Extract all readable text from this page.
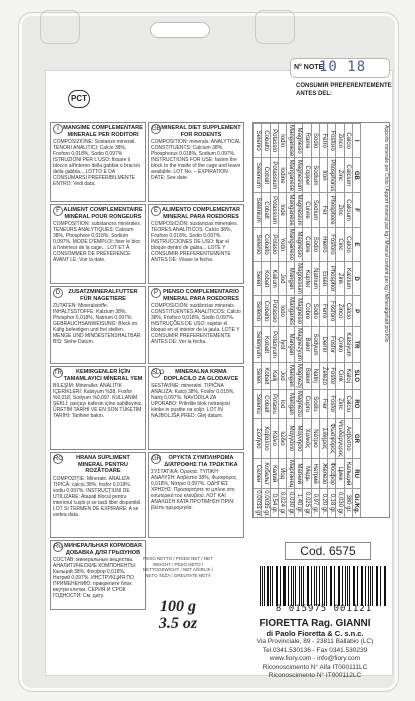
N° NOTE
10 18
CONSUMIR PREFERENTEMENTE ANTES DEL:
PCT
I MANGIME COMPLEMENTARE MINERALE PER RODITORI
COMPOSIZIONE: Sostanze minerali. TENORI ANALITICI: Calcio 38%, Fosforo 0,018%, Sodio 0,097% ISTRUZIONI PER L'USO: fissare il blocco all'interno della gabbia o braccio della gabbia... LOTTO E DA CONSUMARSI PREFERIBILMENTE ENTRO: Vedi data.
GB MINERAL DIET SUPPLEMENT FOR RODENTS
COMPOSITION: minerals. ANALYTICAL CONSTITUENTS: Calcium 38%, Phosphorus 0.018%, Sodium 0.097%. INSTRUCTIONS FOR USE: fasten the block to the inside of the cage and leave available. LOT No. – EXPIRATION DATE: See date.
F ALIMENT COMPLEMENTAIRE MINÉRAL POUR RONGEURS
COMPOSITION: substances minérales. TENEURS ANALYTIQUES: Calcium 38%, Phosphore 0,018%, Sodium 0,097%. MODE D'EMPLOI: fixer le bloc à l'intérieur de la cage... LOT ET À CONSOMMER DE PRÉFÉRENCE AVANT LE: Voir la date.
E ALIMENTO COMPLEMENTAR MINERAL PARA ROEDORES
COMPOSICIÓN: sustancias minerales. TEORES ANALÍTICOS: Calcio 38%, Fósforo 0,018%, Sodio 0,097%. INSTRUCCIONES DE USO: fijar el bloque dentro de gabia... LOTE Y CONSUMIR PREFERENTEMENTE ANTES DE: Véase la fecha.
D	ZUSATZMINERALFUTTER FÜR NAGETIERE
ZUTATEN: Mineralstoffe. INHALTSSTOFFE: Kalzium 38%, Phosphor 0,018%, Natrium 0,097%. GEBRAUCHSANWEISUNG: Block im Käfig befestigen und frei stellen. MENGE UND MINDESTENSHALTBAR BIS: Siehe Datum.
P PIENSO COMPLEMENTARIO MINERAL PARA ROEDORES
COMPOSICIÓN: sustâncias minerais. CONSTITUENTES ANALÍTICOS: Cálcio 38%, Fósforo 0,018%, Sódio 0,097%. INSTRUÇÕES DE USO: sujetar el bloque en el interior de la jaula. LOTE Y CONSUMIR PREFERENTEMENTE ANTES DE: Ver la fecha.
TR	KEMIRGENLER İÇİN TAMAMLAYICI MİNERAL YEM
BİLEŞİM: Mineraller. ANALİTİK İÇERİKLERİ: Kalsiyum %38, Fosfor %0,018, Sodyum %0,097. KULLANIM ŞEKLİ: parçayı kafesin içine sabitleyiniz. ÜRETİM TARİHİ VE EN SON TÜKETİM TARİHİ: Tarihine bakın.
SLO	MINERALNA KRMA DOPLACILO ZA GLODAVCE
SESTAVINE: mineralni. TIPIČNA ANALIZA: Kalcij 38%, Fosfor 0,018%, Natrij 0,097%. NAVODILA ZA UPORABO: Pritrdite blok notranjost kletke in pustite na voljo. LOT IN NAJBOLJŠA PRED: Glej datum.
RO	HRANA SUPLIMENT MINERAL PENTRU ROZĂTOARE
COMPOZIȚIE: Minerale. ANALIZA TIPICĂ: calciu 38%, fosfor 0,018%, sodiu 0,097%. INSTRUCȚIUNI DE UTILIZARE: Atașați blocul pentru interiorul cuștii și se lasă liber disponibil. LOT SI TERMEN DE EXPIRARE: A se vedea data.
GR	ΟΡΥΚΤΑ ΣΥΜΠΛΗΡΩΜΑ ΔΙΑΤΡΟΦΗΣ ΓΙΑ ΤΡΩΚΤΙΚΑ
ΣΥΣΤΑΤΙΚΑ: Ορυκτά. ΤΥΠΙΚΗ ΑΝΑΛΥΣΗ: Ασβέστιο 38%, Φωσφόρος 0,018%, Νάτριο 0,097%. ΟΔΗΓΙΕΣ ΧΡΗΣΗΣ: Προσαρτήστε το μπλοκ στο εσωτερικό του κλουβιού. ΛΟΤ ΚΑΙ ΑΝΑΛΩΣΗ ΚΑΤΑ ΠΡΟΤΙΜΗΣΗ ΠΡΙΝ: βλέπε ημερομηνία.
RU МИНЕРАЛЬНАЯ КОРМОВАЯ ДОБАВКА ДЛЯ ГРЫЗУНОВ
СОСТАВ: минеральные вещества. АНАЛИТИЧЕСКИЕ КОМПОНЕНТЫ: Кальций 38%, Фосфор 0,018%, Натрий 0,097%. ИНСТРУКЦИЯ ПО ПРИМЕНЕНИЮ: прикрепите блок внутри клетки. СЕРИЯ И СРОК ГОДНОСТИ: См. дату.
Apporto minerale per Chilo / Apport minéral par kg / Mineral content per kg / Mineralgehalt pro Kilo
I	GB	F	E	D	P	TR	SLO	RO	GR	RU	Gr./Kg.
Calcio	Calcium	Calcium	Calcio	Kalzium	Cálcio	Kalsiyum	Kalcij	Calciu	Ασβέστιο	Кальций	380 gr.
Zinco	Zinc	Zinc	Cinc	Zink	Zinco	Çinko	Cink	Zinc	Ψευδάργυρος	Цинк	0,030 gr.
Fosforo	Phosphorus	Phosphore	Fósforo	Phosphor	Fósforo	Fosfor	Fosfor	Fosfor	Φωσφόρος	Фосфор	0,18 gr.
Ferro	Iron	Fer	Hierro	Eisen	Ferro	Demir	Železo	Fier	Σίδηρος	Железо	0,20 gr.
Sodio	Sodium	Sodium	Sodio	Natrium	Sódio	Sodyum	Natrij	Sodiu	Νάτριο	Натрий	0,97 gr.
Rame	Copper	Cuivre	Cobre	Kupfer	Cobre	Bakır	Baker	Cupru	Χαλκός	Медь	0,025 gr.
Magnesio	Magnesium	Magnésium	Magnesio	Magnesium	Magnésio	Magnezyum	Magnezij	Magneziu	Μαγνήσιο	Магний	1,40 gr.
Manganese	Manganese	Manganèse	Manganeso	Mangan	Manganês	Mangan	Mangan	Mangan	Μαγγάνιο	Марганец	0,030 gr.
Iodio	Iodine	Iode	Yodo	Jod	Iodo	İyot	Jod	Iod	Ιώδιο	Йод	0,024 gr.
Potassio	Potassium	Potassium	Potasio	Kalium	Potássio	Potasyum	Kalij	Potasiu	Κάλιο	Калий	0,54 gr.
Cobalto	Cobalt	Cobalt	Cobalto	Kobalt	Cobalto	Kobalt	Kobalt	Cobalt	Κοβάλτιο	Кобальт	0,0035 gr.
Selenio	Selenium	Sélénium	Selenio	Selen	Selénio	Selenyum	Selen	Seleniu	Σελήνιο	Селен	0,0033 gr.
Cod. 6575
PESO NETTO / POIDS NET / NET WEIGHT / PESO NETO / NETTOGEWICHT / NET AĞIRLIK / NETO TEŽA / GREUTATE NETĂ
100 g
3.5 oz
8 015975 001121
FIORETTA Rag. GIANNI
di Paolo Fioretta & C. s.n.c.
Via Provinciale, 89 - 23811 Ballabio (LC)
Tel.0341.530136 - Fax 0341.530239
www.fiory.com - info@fiory.com
Riconoscimento N° Alfa IT000111LC
Riconoscimento N° IT000112LC
